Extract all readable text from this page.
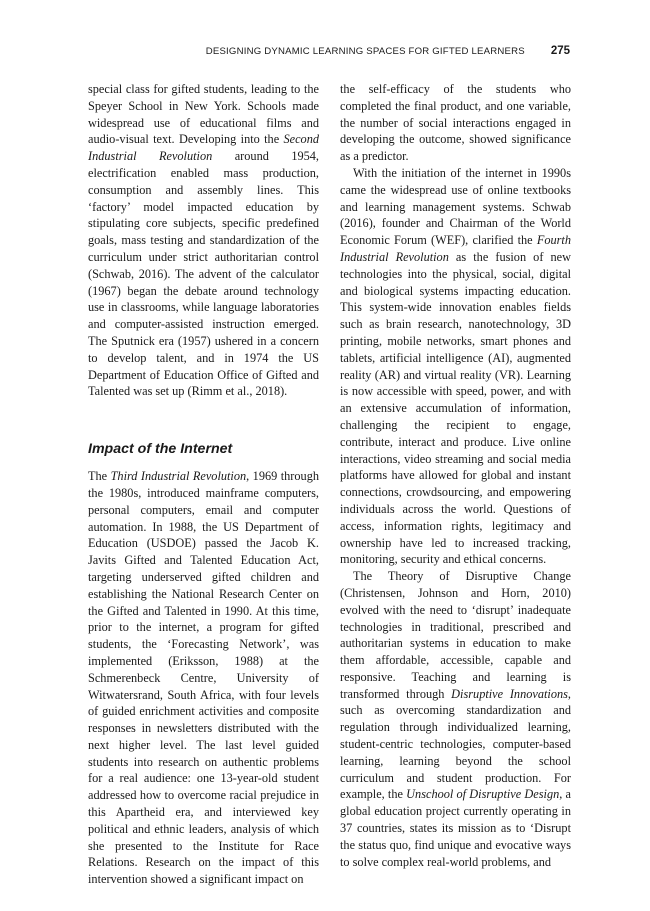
DESIGNING DYNAMIC LEARNING SPACES FOR GIFTED LEARNERS 275

special class for gifted students, leading to the Speyer School in New York. Schools made widespread use of educational films and audio-visual text. Developing into the Second Industrial Revolution around 1954, electrification enabled mass production, consumption and assembly lines. This ‘factory’ model impacted education by stipulating core subjects, specific predefined goals, mass testing and standardization of the curriculum under strict authoritarian control (Schwab, 2016). The advent of the calculator (1967) began the debate around technology use in classrooms, while language laboratories and computer-assisted instruction emerged. The Sputnick era (1957) ushered in a concern to develop talent, and in 1974 the US Department of Education Office of Gifted and Talented was set up (Rimm et al., 2018).

Impact of the Internet

The Third Industrial Revolution, 1969 through the 1980s, introduced mainframe computers, personal computers, email and computer automation. In 1988, the US Department of Education (USDOE) passed the Jacob K. Javits Gifted and Talented Education Act, targeting underserved gifted children and establishing the National Research Center on the Gifted and Talented in 1990. At this time, prior to the internet, a program for gifted students, the ‘Forecasting Network’, was implemented (Eriksson, 1988) at the Schmerenbeck Centre, University of Witwatersrand, South Africa, with four levels of guided enrichment activities and composite responses in newsletters distributed with the next higher level. The last level guided students into research on authentic problems for a real audience: one 13-year-old student addressed how to overcome racial prejudice in this Apartheid era, and interviewed key political and ethnic leaders, analysis of which she presented to the Institute for Race Relations. Research on the impact of this intervention showed a significant impact on

the self-efficacy of the students who completed the final product, and one variable, the number of social interactions engaged in developing the outcome, showed significance as a predictor.

With the initiation of the internet in 1990s came the widespread use of online textbooks and learning management systems. Schwab (2016), founder and Chairman of the World Economic Forum (WEF), clarified the Fourth Industrial Revolution as the fusion of new technologies into the physical, social, digital and biological systems impacting education. This system-wide innovation enables fields such as brain research, nanotechnology, 3D printing, mobile networks, smart phones and tablets, artificial intelligence (AI), augmented reality (AR) and virtual reality (VR). Learning is now accessible with speed, power, and with an extensive accumulation of information, challenging the recipient to engage, contribute, interact and produce. Live online interactions, video streaming and social media platforms have allowed for global and instant connections, crowdsourcing, and empowering individuals across the world. Questions of access, information rights, legitimacy and ownership have led to increased tracking, monitoring, security and ethical concerns.

The Theory of Disruptive Change (Christensen, Johnson and Horn, 2010) evolved with the need to ‘disrupt’ inadequate technologies in traditional, prescribed and authoritarian systems in education to make them affordable, accessible, capable and responsive. Teaching and learning is transformed through Disruptive Innovations, such as overcoming standardization and regulation through individualized learning, student-centric technologies, computer-based learning, learning beyond the school curriculum and student production. For example, the Unschool of Disruptive Design, a global education project currently operating in 37 countries, states its mission as to ‘Disrupt the status quo, find unique and evocative ways to solve complex real-world problems, and
